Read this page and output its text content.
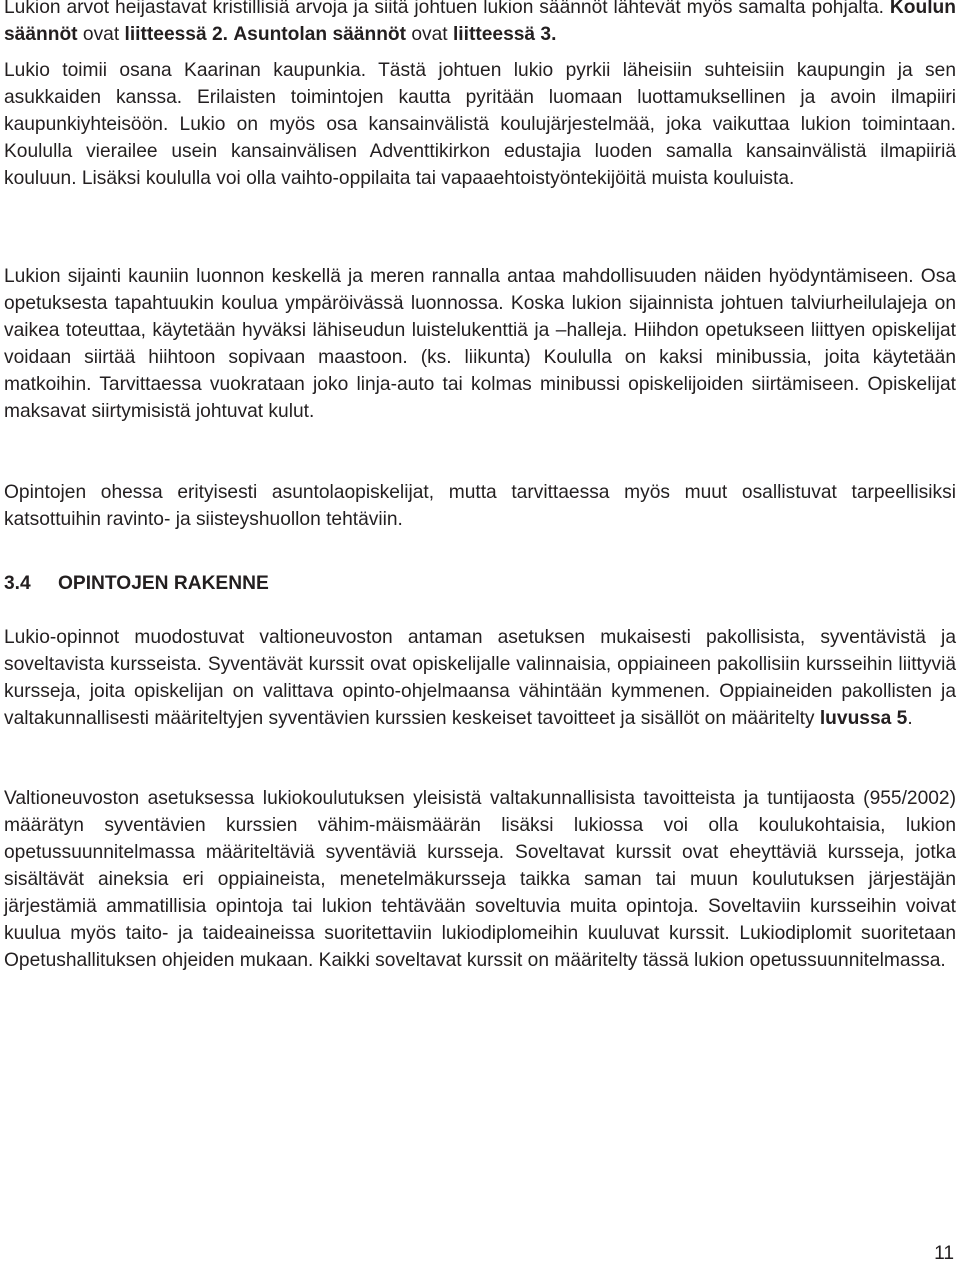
Lukion arvot heijastavat kristillisiä arvoja ja siitä johtuen lukion säännöt lähtevät myös samalta pohjalta. Koulun säännöt ovat liitteessä 2. Asuntolan säännöt ovat liitteessä 3.

Lukio toimii osana Kaarinan kaupunkia. Tästä johtuen lukio pyrkii läheisiin suhteisiin kaupungin ja sen asukkaiden kanssa. Erilaisten toimintojen kautta pyritään luomaan luottamuksellinen ja avoin ilmapiiri kaupunkiyhteisöön. Lukio on myös osa kansainvälistä koulujärjestelmää, joka vaikuttaa lukion toimintaan. Koululla vierailee usein kansainvälisen Adventtikirkon edustajia luoden samalla kansainvälistä ilmapiiriä kouluun. Lisäksi koululla voi olla vaihto-oppilaita tai vapaaehtoistyöntekijöitä muista kouluista.

Lukion sijainti kauniin luonnon keskellä ja meren rannalla antaa mahdollisuuden näiden hyödyntämiseen. Osa opetuksesta tapahtuukin koulua ympäröivässä luonnossa. Koska lukion sijainnista johtuen talviurheilulajeja on vaikea toteuttaa, käytetään hyväksi lähiseudun luistelukenttiä ja –halleja. Hiihdon opetukseen liittyen opiskelijat voidaan siirtää hiihtoon sopivaan maastoon. (ks. liikunta) Koululla on kaksi minibussia, joita käytetään matkoihin. Tarvittaessa vuokrataan joko linja-auto tai kolmas minibussi opiskelijoiden siirtämiseen. Opiskelijat maksavat siirtymisistä johtuvat kulut.

Opintojen ohessa erityisesti asuntolaopiskelijat, mutta tarvittaessa myös muut osallistuvat tarpeellisiksi katsottuihin ravinto- ja siisteyshuollon tehtäviin.

3.4 OPINTOJEN RAKENNE

Lukio-opinnot muodostuvat valtioneuvoston antaman asetuksen mukaisesti pakollisista, syventävistä ja soveltavista kursseista. Syventävät kurssit ovat opiskelijalle valinnaisia, oppiaineen pakollisiin kursseihin liittyviä kursseja, joita opiskelijan on valittava opinto-ohjelmaansa vähintään kymmenen. Oppiaineiden pakollisten ja valtakunnallisesti määriteltyjen syventävien kurssien keskeiset tavoitteet ja sisällöt on määritelty luvussa 5.

Valtioneuvoston asetuksessa lukiokoulutuksen yleisistä valtakunnallisista tavoitteista ja tuntijaosta (955/2002) määrätyn syventävien kurssien vähim-mäismäärän lisäksi lukiossa voi olla koulukohtaisia, lukion opetussuunnitelmassa määriteltäviä syventäviä kursseja. Soveltavat kurssit ovat eheyttäviä kursseja, jotka sisältävät aineksia eri oppiaineista, menetelmäkursseja taikka saman tai muun koulutuksen järjestäjän järjestämiä ammatillisia opintoja tai lukion tehtävään soveltuvia muita opintoja. Soveltaviin kursseihin voivat kuulua myös taito- ja taideaineissa suoritettaviin lukiodiplomeihin kuuluvat kurssit. Lukiodiplomit suoritetaan Opetushallituksen ohjeiden mukaan. Kaikki soveltavat kurssit on määritelty tässä lukion opetussuunnitelmassa.

11
